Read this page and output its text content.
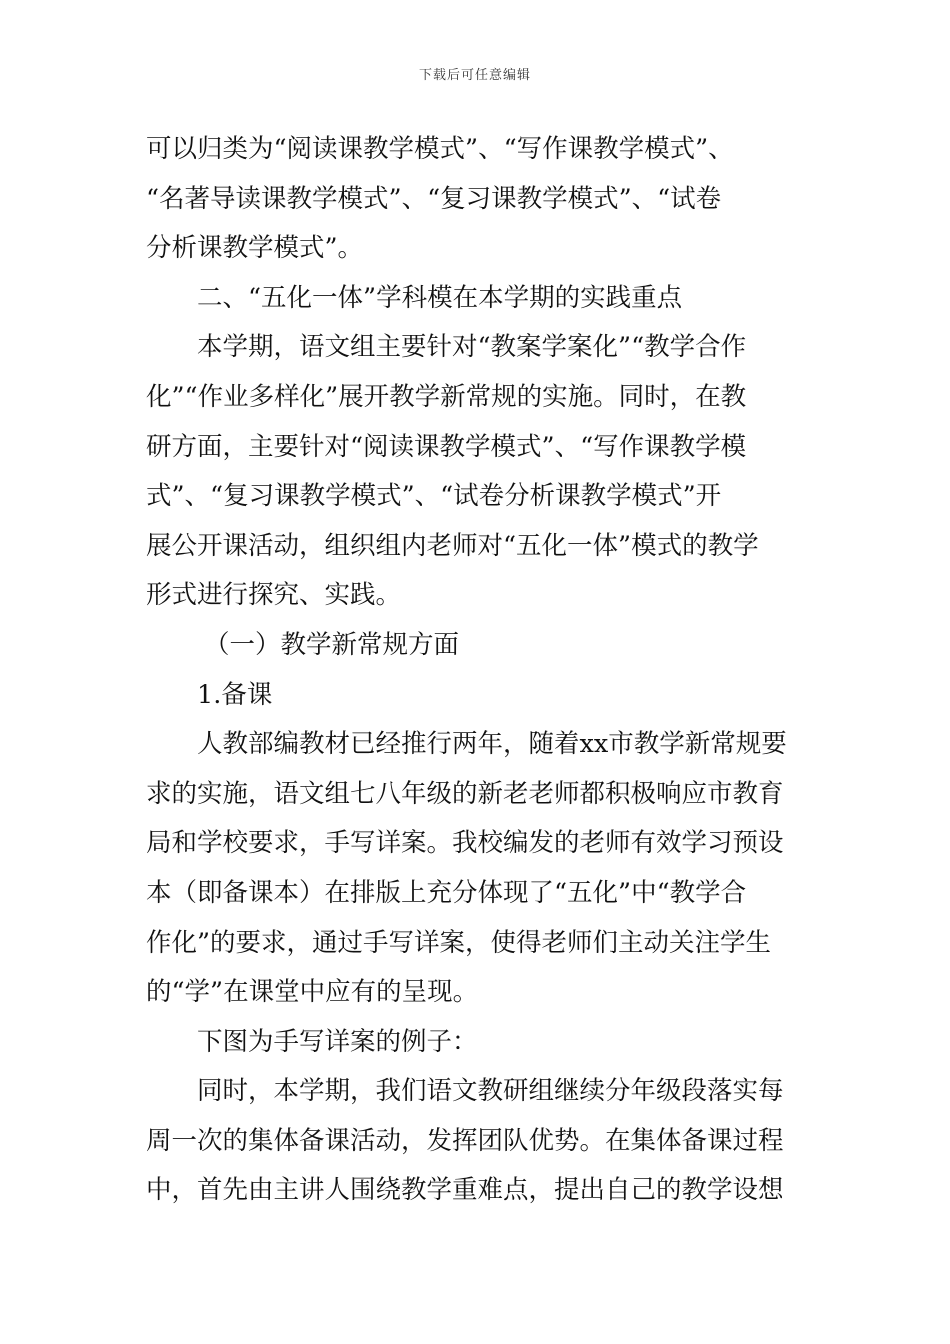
下载后可任意编辑
可以归类为“阅读课教学模式”、“写作课教学模式”、
“名著导读课教学模式”、“复习课教学模式”、“试卷
分析课教学模式”。
二、“五化一体”学科模在本学期的实践重点
本学期，语文组主要针对“教案学案化”“教学合作
化”“作业多样化”展开教学新常规的实施。同时，在教
研方面，主要针对“阅读课教学模式”、“写作课教学模
式”、“复习课教学模式”、“试卷分析课教学模式”开
展公开课活动，组织组内老师对“五化一体”模式的教学
形式进行探究、实践。
（一）教学新常规方面
1.备课
人教部编教材已经推行两年，随着xx市教学新常规要
求的实施，语文组七八年级的新老老师都积极响应市教育
局和学校要求，手写详案。我校编发的老师有效学习预设
本（即备课本）在排版上充分体现了“五化”中“教学合
作化”的要求，通过手写详案，使得老师们主动关注学生
的“学”在课堂中应有的呈现。
下图为手写详案的例子：
同时，本学期，我们语文教研组继续分年级段落实每
周一次的集体备课活动，发挥团队优势。在集体备课过程
中，首先由主讲人围绕教学重难点，提出自己的教学设想
